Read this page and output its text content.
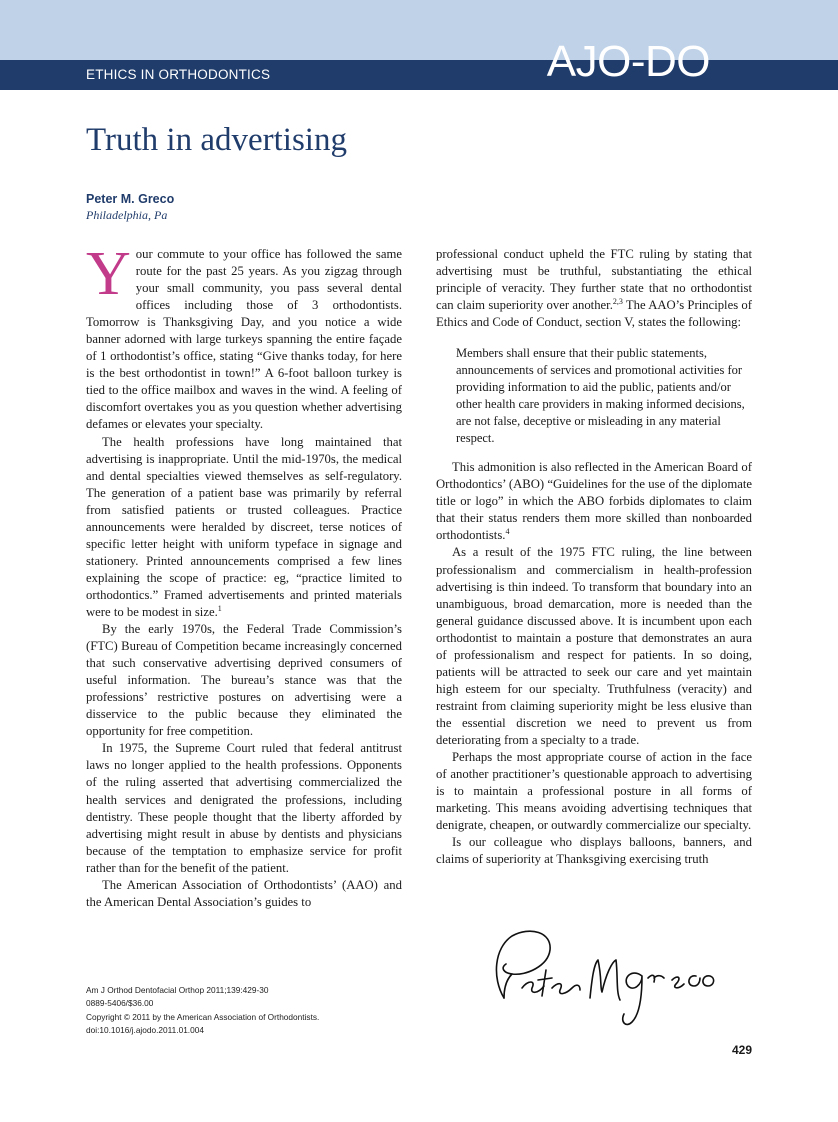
ETHICS IN ORTHODONTICS	AJO-DO
Truth in advertising
Peter M. Greco
Philadelphia, Pa

Your commute to your office has followed the same route for the past 25 years. As you zigzag through your small community, you pass several dental offices including those of 3 orthodontists. Tomorrow is Thanksgiving Day, and you notice a wide banner adorned with large turkeys spanning the entire façade of 1 orthodontist’s office, stating “Give thanks today, for here is the best orthodontist in town!” A 6-foot balloon turkey is tied to the office mailbox and waves in the wind. A feeling of discomfort overtakes you as you question whether advertising defames or elevates your specialty.

The health professions have long maintained that advertising is inappropriate. Until the mid-1970s, the medical and dental specialties viewed themselves as self-regulatory. The generation of a patient base was primarily by referral from satisfied patients or trusted colleagues. Practice announcements were heralded by discreet, terse notices of specific letter height with uniform typeface in signage and stationery. Printed announcements comprised a few lines explaining the scope of practice: eg, “practice limited to orthodontics.” Framed advertisements and printed materials were to be modest in size.$^1$

By the early 1970s, the Federal Trade Commission’s (FTC) Bureau of Competition became increasingly concerned that such conservative advertising deprived consumers of useful information. The bureau’s stance was that the professions’ restrictive postures on advertising were a disservice to the public because they eliminated the opportunity for free competition.

In 1975, the Supreme Court ruled that federal antitrust laws no longer applied to the health professions. Opponents of the ruling asserted that advertising commercialized the health services and denigrated the professions, including dentistry. These people thought that the liberty afforded by advertising might result in abuse by dentists and physicians because of the temptation to emphasize service for profit rather than for the benefit of the patient.

The American Association of Orthodontists’ (AAO) and the American Dental Association’s guides to

professional conduct upheld the FTC ruling by stating that advertising must be truthful, substantiating the ethical principle of veracity. They further state that no orthodontist can claim superiority over another.$^{2,3}$ The AAO’s Principles of Ethics and Code of Conduct, section V, states the following:

Members shall ensure that their public statements, announcements of services and promotional activities for providing information to aid the public, patients and/or other health care providers in making informed decisions, are not false, deceptive or misleading in any material respect.

This admonition is also reflected in the American Board of Orthodontics’ (ABO) “Guidelines for the use of the diplomate title or logo” in which the ABO forbids diplomates to claim that their status renders them more skilled than nonboarded orthodontists.$^4$

As a result of the 1975 FTC ruling, the line between professionalism and commercialism in health-profession advertising is thin indeed. To transform that boundary into an unambiguous, broad demarcation, more is needed than the general guidance discussed above. It is incumbent upon each orthodontist to maintain a posture that demonstrates an aura of professionalism and respect for patients. In so doing, patients will be attracted to seek our care and yet maintain high esteem for our specialty. Truthfulness (veracity) and restraint from claiming superiority might be less elusive than the essential discretion we need to prevent us from deteriorating from a specialty to a trade.

Perhaps the most appropriate course of action in the face of another practitioner’s questionable approach to advertising is to maintain a professional posture in all forms of marketing. This means avoiding advertising techniques that denigrate, cheapen, or outwardly commercialize our specialty.

Is our colleague who displays balloons, banners, and claims of superiority at Thanksgiving exercising truth

Am J Orthod Dentofacial Orthop 2011;139:429-30
0889-5406/$36.00
Copyright © 2011 by the American Association of Orthodontists.
doi:10.1016/j.ajodo.2011.01.004
429
